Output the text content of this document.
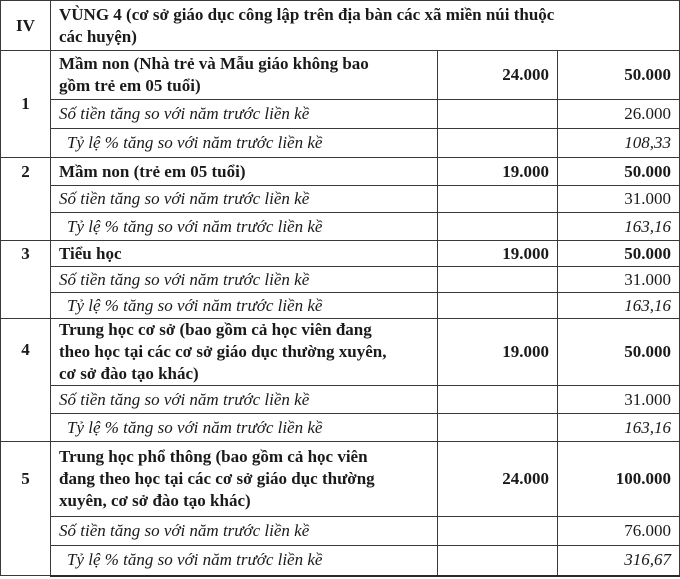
IV	VÙNG 4 (cơ sở giáo dục công lập trên địa bàn các xã miền núi thuộc các huyện)		
1	Mầm non (Nhà trẻ và Mẫu giáo không bao gồm trẻ em 05 tuổi)	24.000	50.000
	Số tiền tăng so với năm trước liền kề		26.000
	Tỷ lệ % tăng so với năm trước liền kề		108,33
2	Mầm non (trẻ em 05 tuổi)	19.000	50.000
	Số tiền tăng so với năm trước liền kề		31.000
	Tỷ lệ % tăng so với năm trước liền kề		163,16
3	Tiểu học	19.000	50.000
	Số tiền tăng so với năm trước liền kề		31.000
	Tỷ lệ % tăng so với năm trước liền kề		163,16
4	Trung học cơ sở (bao gồm cả học viên đang theo học tại các cơ sở giáo dục thường xuyên, cơ sở đào tạo khác)	19.000	50.000
	Số tiền tăng so với năm trước liền kề		31.000
	Tỷ lệ % tăng so với năm trước liền kề		163,16
5	Trung học phổ thông (bao gồm cả học viên đang theo học tại các cơ sở giáo dục thường xuyên, cơ sở đào tạo khác)	24.000	100.000
	Số tiền tăng so với năm trước liền kề		76.000
	Tỷ lệ % tăng so với năm trước liền kề		316,67
